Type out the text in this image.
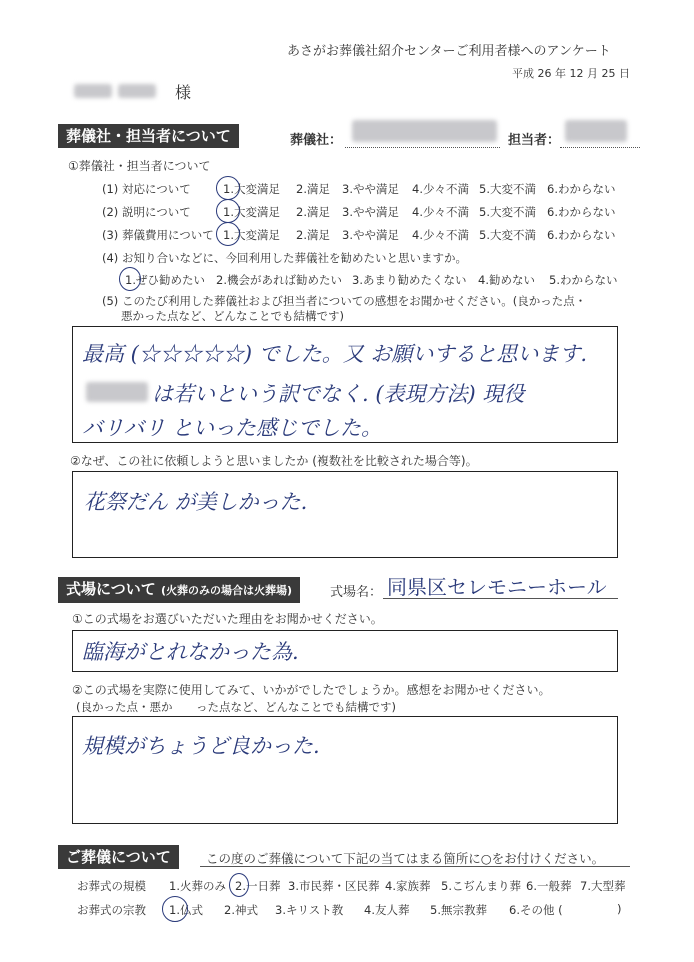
あさがお葬儀社紹介センターご利用者様へのアンケート
平成 26 年 12 月 25 日
様
葬儀社・担当者について	葬儀社：	担当者：
①葬儀社・担当者について
(1) 対応について	1.大変満足 2.満足 3.やや満足 4.少々不満 5.大変不満 6.わからない
(2) 説明について	1.大変満足 2.満足 3.やや満足 4.少々不満 5.大変不満 6.わからない
(3) 葬儀費用について 1.大変満足 2.満足 3.やや満足 4.少々不満 5.大変不満 6.わからない
(4) お知り合いなどに、今回利用した葬儀社を勧めたいと思いますか。
1.ぜひ勧めたい 2.機会があれば勧めたい 3.あまり勧めたくない 4.勧めない 5.わからない
(5) このたび利用した葬儀社および担当者についての感想をお聞かせください。(良かった点・
悪かった点など、どんなことでも結構です)
最高 (☆☆☆☆☆) でした。又 お願いすると思います.
は若いという訳でなく. (表現方法) 現役
バリバリ といった感じでした。
②なぜ、この社に依頼しようと思いましたか (複数社を比較された場合等)。
花祭だん が美しかった.
式場について (火葬のみの場合は火葬場)	式場名： 同県区セレモニーホール
①この式場をお選びいただいた理由をお聞かせください。
臨海がとれなかった為.
②この式場を実際に使用してみて、いかがでしたでしょうか。感想をお聞かせください。
(良かった点・悪か った点など、どんなことでも結構です)
規模がちょうど良かった.
ご葬儀について	この度のご葬儀について下記の当てはまる箇所に○をお付けください。
お葬式の規模 1.火葬のみ 2.一日葬 3.市民葬・区民葬 4.家族葬 5.こぢんまり葬 6.一般葬 7.大型葬
お葬式の宗教 1.仏式 2.神式 3.キリスト教 4.友人葬 5.無宗教葬 6.その他 (	)
